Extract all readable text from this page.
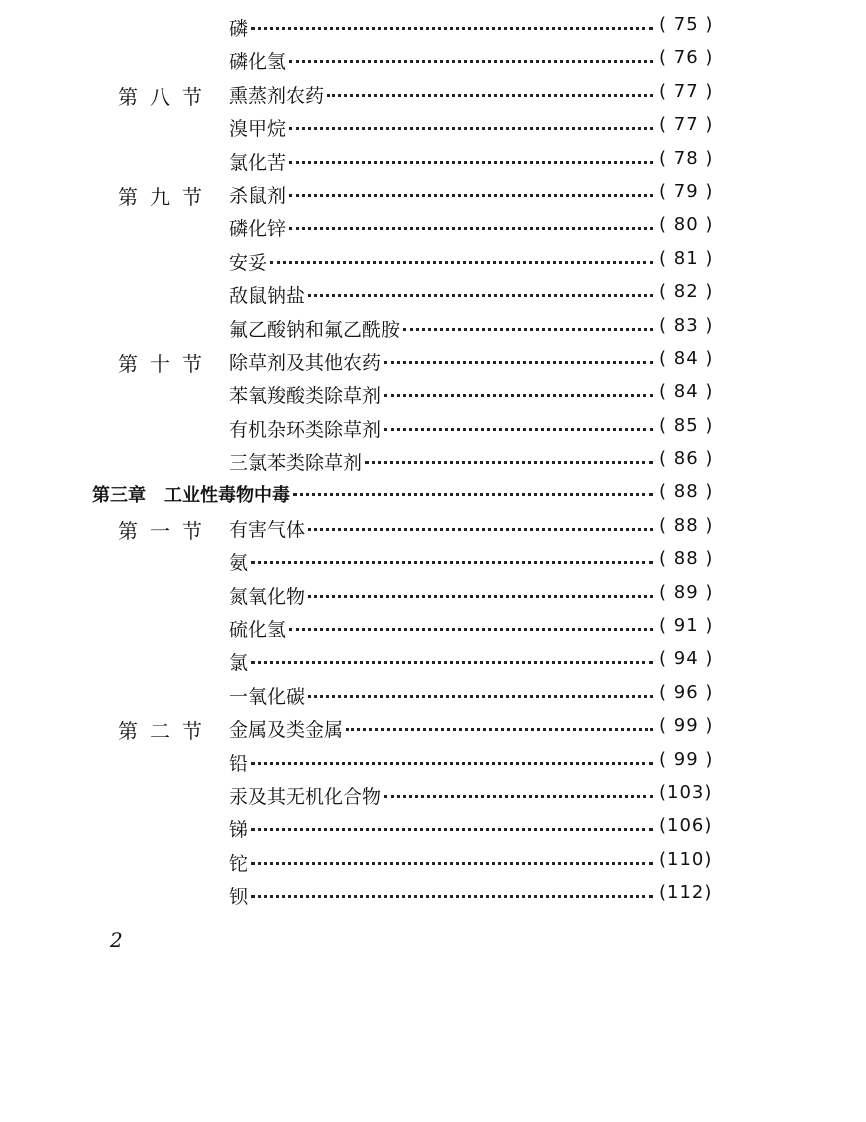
磷	( 75 )
磷化氢	( 76 )
第八节 熏蒸剂农药	( 77 )
溴甲烷	( 77 )
氯化苦	( 78 )
第九节 杀鼠剂	( 79 )
磷化锌	( 80 )
安妥	( 81 )
敌鼠钠盐	( 82 )
氟乙酸钠和氟乙酰胺	( 83 )
第十节 除草剂及其他农药	( 84 )
苯氧羧酸类除草剂	( 84 )
有机杂环类除草剂	( 85 )
三氯苯类除草剂	( 86 )
第三章　工业性毒物中毒	( 88 )
第一节 有害气体	( 88 )
氨	( 88 )
氮氧化物	( 89 )
硫化氢	( 91 )
氯	( 94 )
一氧化碳	( 96 )
第二节 金属及类金属	( 99 )
铅	( 99 )
汞及其无机化合物	(103)
锑	(106)
铊	(110)
钡	(112)
2
